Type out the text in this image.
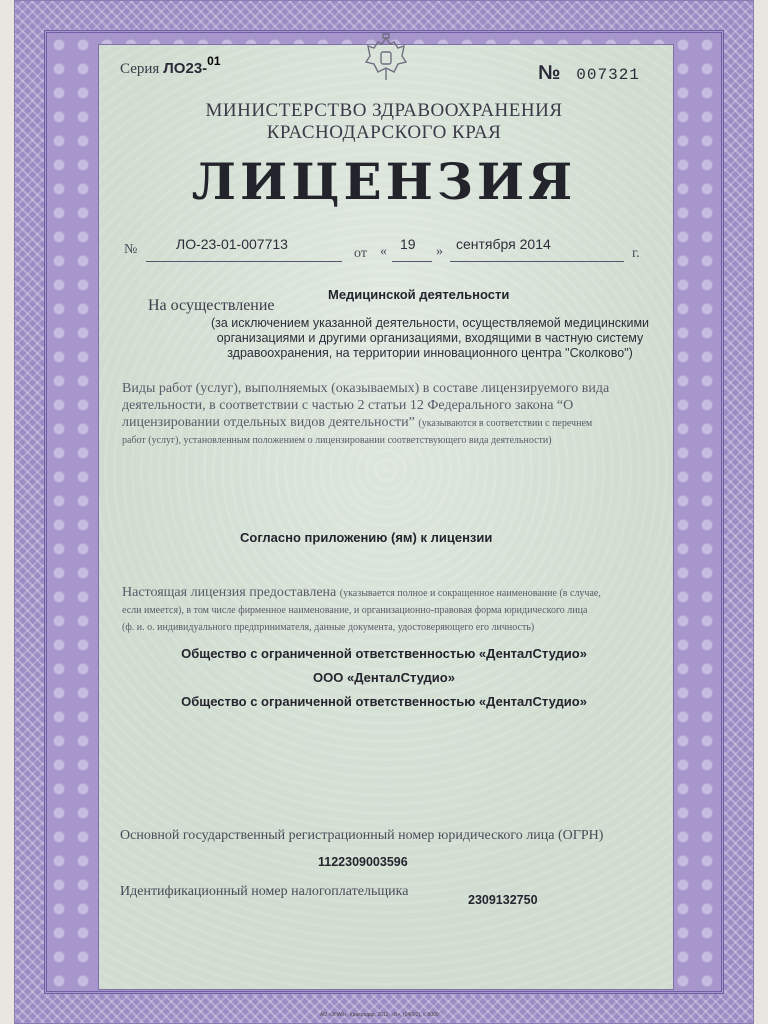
Серия ЛО23-$^{01}$
№ 007321
МИНИСТЕРСТВО ЗДРАВООХРАНЕНИЯ
КРАСНОДАРСКОГО КРАЯ
ЛИЦЕНЗИЯ
№	ЛО-23-01-007713
от « 19 » сентября 2014
г.
Медицинской деятельности
На осуществление
(за исключением указанной деятельности, осуществляемой медицинскими
организациями и другими организациями, входящими в частную систему
здравоохранения, на территории инновационного центра "Сколково")
Виды работ (услуг), выполняемых (оказываемых) в составе лицензируемого вида
деятельности, в соответствии с частью 2 статьи 12 Федерального закона “О
лицензировании отдельных видов деятельности” (указываются в соответствии с перечнем
работ (услуг), установленным положением о лицензировании соответствующего вида деятельности)
Согласно приложению (ям) к лицензии
Настоящая лицензия предоставлена (указывается полное и сокращенное наименование (в случае,
если имеется), в том числе фирменное наименование, и организационно-правовая форма юридического лица
(ф. и. о. индивидуального предпринимателя, данные документа, удостоверяющего его личность)
Общество с ограниченной ответственностью «ДенталСтудио»
ООО «ДенталСтудио»
Общество с ограниченной ответственностью «ДенталСтудио»
Основной государственный регистрационный номер юридического лица (ОГРН)
1122309003596
Идентификационный номер налогоплательщика
2309132750
АО «ЗНАК», Краснодар, 2012, «Б», (04092), т. 8000
